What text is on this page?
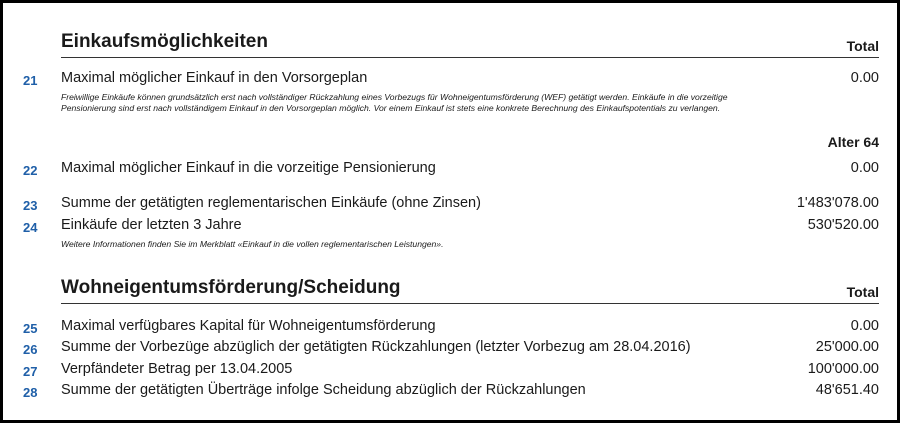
Einkaufsmöglichkeiten	Total
21	Maximal möglicher Einkauf in den Vorsorgeplan	0.00
Freiwillige Einkäufe können grundsätzlich erst nach vollständiger Rückzahlung eines Vorbezugs für Wohneigentumsförderung (WEF) getätigt werden. Einkäufe in die vorzeitige
Pensionierung sind erst nach vollständigem Einkauf in den Vorsorgeplan möglich. Vor einem Einkauf ist stets eine konkrete Berechnung des Einkaufspotentials zu verlangen.
Alter 64
22	Maximal möglicher Einkauf in die vorzeitige Pensionierung	0.00
23	Summe der getätigten reglementarischen Einkäufe (ohne Zinsen)	1'483'078.00
24	Einkäufe der letzten 3 Jahre	530'520.00
Weitere Informationen finden Sie im Merkblatt «Einkauf in die vollen reglementarischen Leistungen».
Wohneigentumsförderung/Scheidung	Total
25	Maximal verfügbares Kapital für Wohneigentumsförderung	0.00
26	Summe der Vorbezüge abzüglich der getätigten Rückzahlungen (letzter Vorbezug am 28.04.2016)	25'000.00
27	Verpfändeter Betrag per 13.04.2005	100'000.00
28	Summe der getätigten Überträge infolge Scheidung abzüglich der Rückzahlungen	48'651.40
